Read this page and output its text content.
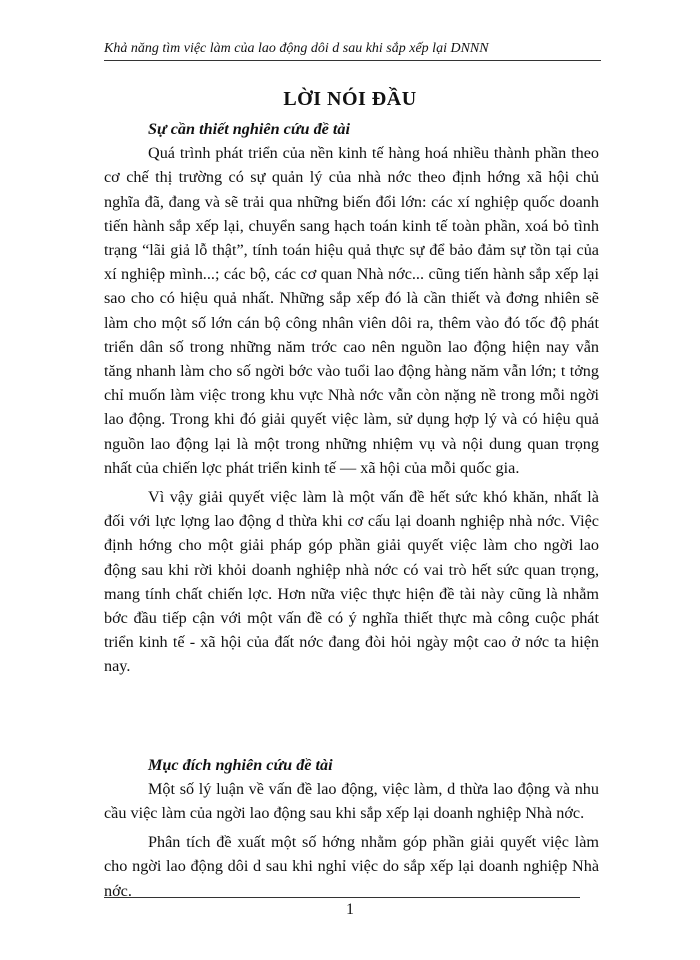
Khả năng tìm việc làm của lao động dôi d sau khi sắp xếp lại DNNN
LỜI NÓI ĐẦU
Sự cần thiết nghiên cứu đề tài

Quá trình phát triển của nền kinh tế hàng hoá nhiều thành phần theo cơ chế thị trường có sự quản lý của nhà nớc theo định hớng xã hội chủ nghĩa đã, đang và sẽ trải qua những biến đổi lớn: các xí nghiệp quốc doanh tiến hành sắp xếp lại, chuyển sang hạch toán kinh tế toàn phần, xoá bỏ tình trạng “lãi giả lỗ thật”, tính toán hiệu quả thực sự để bảo đảm sự tồn tại của xí nghiệp mình...; các bộ, các cơ quan Nhà nớc... cũng tiến hành sắp xếp lại sao cho có hiệu quả nhất. Những sắp xếp đó là cần thiết và đơng nhiên sẽ làm cho một số lớn cán bộ công nhân viên dôi ra, thêm vào đó tốc độ phát triển dân số trong những năm trớc cao nên nguồn lao động hiện nay vẫn tăng nhanh làm cho số ngời bớc vào tuổi lao động hàng năm vẫn lớn; t tởng chỉ muốn làm việc trong khu vực Nhà nớc vẫn còn nặng nề trong mỗi ngời lao động. Trong khi đó giải quyết việc làm, sử dụng hợp lý và có hiệu quả nguồn lao động lại là một trong những nhiệm vụ và nội dung quan trọng nhất của chiến lợc phát triển kinh tế — xã hội của mỗi quốc gia.

Vì vậy giải quyết việc làm là một vấn đề hết sức khó khăn, nhất là đối với lực lợng lao động d thừa khi cơ cấu lại doanh nghiệp nhà nớc. Việc định hớng cho một giải pháp góp phần giải quyết việc làm cho ngời lao động sau khi rời khỏi doanh nghiệp nhà nớc có vai trò hết sức quan trọng, mang tính chất chiến lợc. Hơn nữa việc thực hiện đề tài này cũng là nhằm bớc đầu tiếp cận với một vấn đề có ý nghĩa thiết thực mà công cuộc phát triển kinh tế - xã hội của đất nớc đang đòi hỏi ngày một cao ở nớc ta hiện nay.

Mục đích nghiên cứu đề tài

Một số lý luận về vấn đề lao động, việc làm, d thừa lao động và nhu cầu việc làm của ngời lao động sau khi sắp xếp lại doanh nghiệp Nhà nớc.

Phân tích đề xuất một số hớng nhằm góp phần giải quyết việc làm cho ngời lao động dôi d sau khi nghỉ việc do sắp xếp lại doanh nghiệp Nhà nớc.

1
